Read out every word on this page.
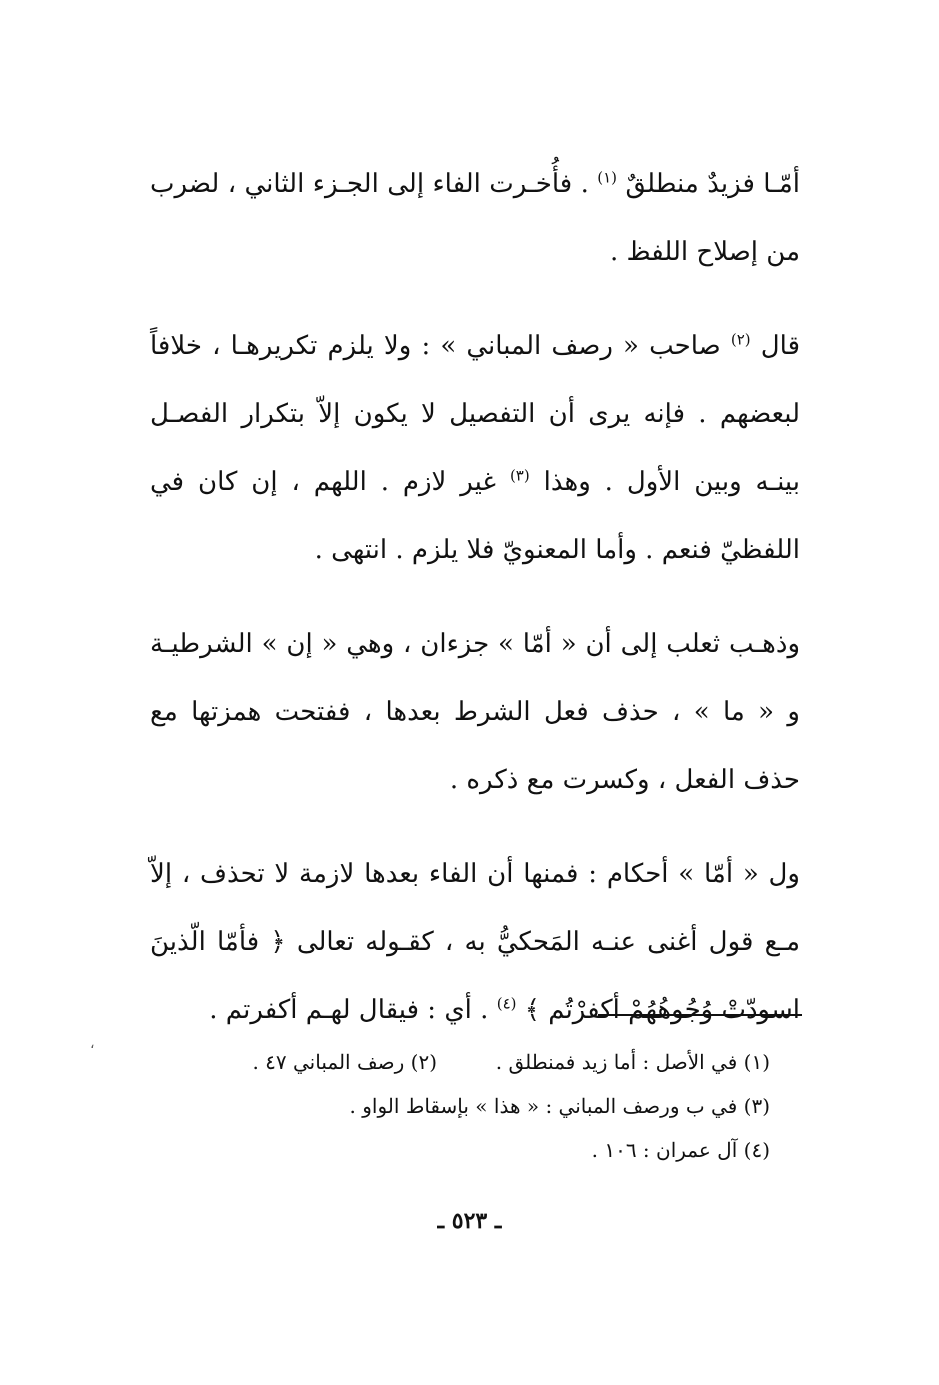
أمّـا فزيدٌ منطلقٌ $^{(١)}$ . فأُخـرت الفاء إلى الجـزء الثاني ، لضرب من إصلاح اللفظ .

قال $^{(٢)}$ صاحب « رصف المباني » : ولا يلزم تكريرهـا ، خلافاً لبعضهم . فإنه يرى أن التفصيل لا يكون إلاّ بتكرار الفصـل بينـه وبين الأول . وهذا $^{(٣)}$ غير لازم . اللهم ، إن كان في اللفظيّ فنعم . وأما المعنويّ فلا يلزم . انتهى .

وذهـب ثعلب إلى أن « أمّا » جزءان ، وهي « إن » الشرطيـة و « ما » ، حذف فعل الشرط بعدها ، ففتحت همزتها مع حذف الفعل ، وكسرت مع ذكره .

ول « أمّا » أحكام : فمنها أن الفاء بعدها لازمة لا تحذف ، إلاّ مـع قول أغنى عنـه المَحكيُّ به ، كقـوله تعالى ﴿ فأمّا الّذينَ اسودّتْ وُجُوهُهُمْ أكفرْتُم ﴾ $^{(٤)}$ . أي : فيقال لهـم أكفرتم .

(١) في الأصل : أما زيد فمنطلق .  (٢) رصف المباني ٤٧ .
(٣) في ب ورصف المباني : « هذا » بإسقاط الواو .
(٤) آل عمران : ١٠٦ .
ـ ٥٢٣ ـ
،
